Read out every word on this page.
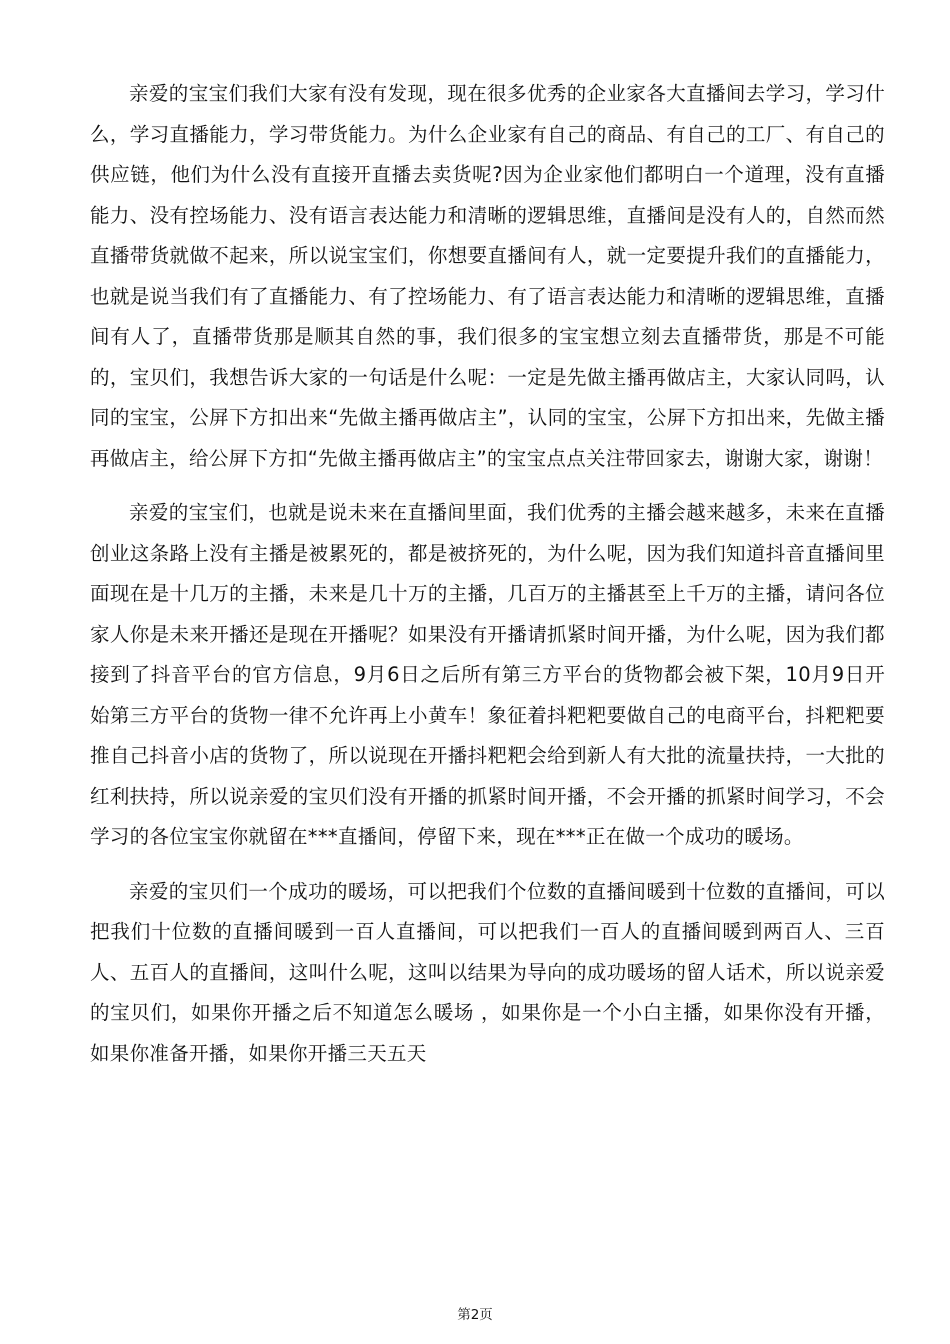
亲爱的宝宝们我们大家有没有发现，现在很多优秀的企业家各大直播间去学习，学习什么，学习直播能力，学习带货能力。为什么企业家有自己的商品、有自己的工厂、有自己的供应链，他们为什么没有直接开直播去卖货呢?因为企业家他们都明白一个道理，没有直播能力、没有控场能力、没有语言表达能力和清晰的逻辑思维，直播间是没有人的，自然而然直播带货就做不起来，所以说宝宝们，你想要直播间有人，就一定要提升我们的直播能力，也就是说当我们有了直播能力、有了控场能力、有了语言表达能力和清晰的逻辑思维，直播间有人了，直播带货那是顺其自然的事，我们很多的宝宝想立刻去直播带货，那是不可能的，宝贝们，我想告诉大家的一句话是什么呢：一定是先做主播再做店主，大家认同吗，认同的宝宝，公屏下方扣出来“先做主播再做店主”，认同的宝宝，公屏下方扣出来，先做主播再做店主，给公屏下方扣“先做主播再做店主”的宝宝点点关注带回家去，谢谢大家，谢谢！

亲爱的宝宝们，也就是说未来在直播间里面，我们优秀的主播会越来越多，未来在直播创业这条路上没有主播是被累死的，都是被挤死的，为什么呢，因为我们知道抖音直播间里面现在是十几万的主播，未来是几十万的主播，几百万的主播甚至上千万的主播，请问各位家人你是未来开播还是现在开播呢？如果没有开播请抓紧时间开播，为什么呢，因为我们都接到了抖音平台的官方信息，9月6日之后所有第三方平台的货物都会被下架，10月9日开始第三方平台的货物一律不允许再上小黄车！象征着抖粑粑要做自己的电商平台，抖粑粑要推自己抖音小店的货物了，所以说现在开播抖粑粑会给到新人有大批的流量扶持，一大批的红利扶持，所以说亲爱的宝贝们没有开播的抓紧时间开播，不会开播的抓紧时间学习，不会学习的各位宝宝你就留在***直播间，停留下来，现在***正在做一个成功的暖场。

亲爱的宝贝们一个成功的暖场，可以把我们个位数的直播间暖到十位数的直播间，可以把我们十位数的直播间暖到一百人直播间，可以把我们一百人的直播间暖到两百人、三百人、五百人的直播间，这叫什么呢，这叫以结果为导向的成功暖场的留人话术，所以说亲爱的宝贝们，如果你开播之后不知道怎么暖场 ，如果你是一个小白主播，如果你没有开播，如果你准备开播，如果你开播三天五天

第2页
